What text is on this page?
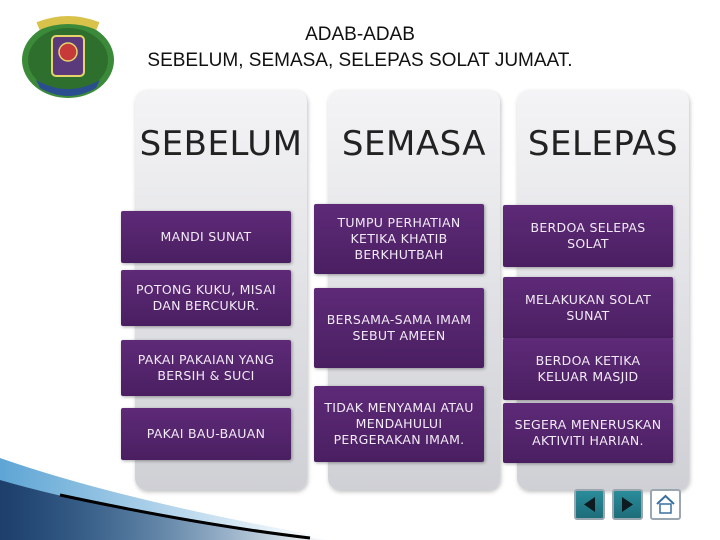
ADAB-ADAB
SEBELUM, SEMASA, SELEPAS SOLAT JUMAAT.
SEBELUM
MANDI SUNAT
POTONG KUKU, MISAI DAN BERCUKUR.
PAKAI PAKAIAN YANG BERSIH & SUCI
PAKAI BAU-BAUAN
SEMASA
TUMPU PERHATIAN KETIKA KHATIB BERKHUTBAH
BERSAMA-SAMA IMAM SEBUT AMEEN
TIDAK MENYAMAI ATAU MENDAHULUI PERGERAKAN IMAM.
SELEPAS
BERDOA SELEPAS SOLAT
MELAKUKAN SOLAT SUNAT
BERDOA KETIKA KELUAR MASJID
SEGERA MENERUSKAN AKTIVITI HARIAN.
